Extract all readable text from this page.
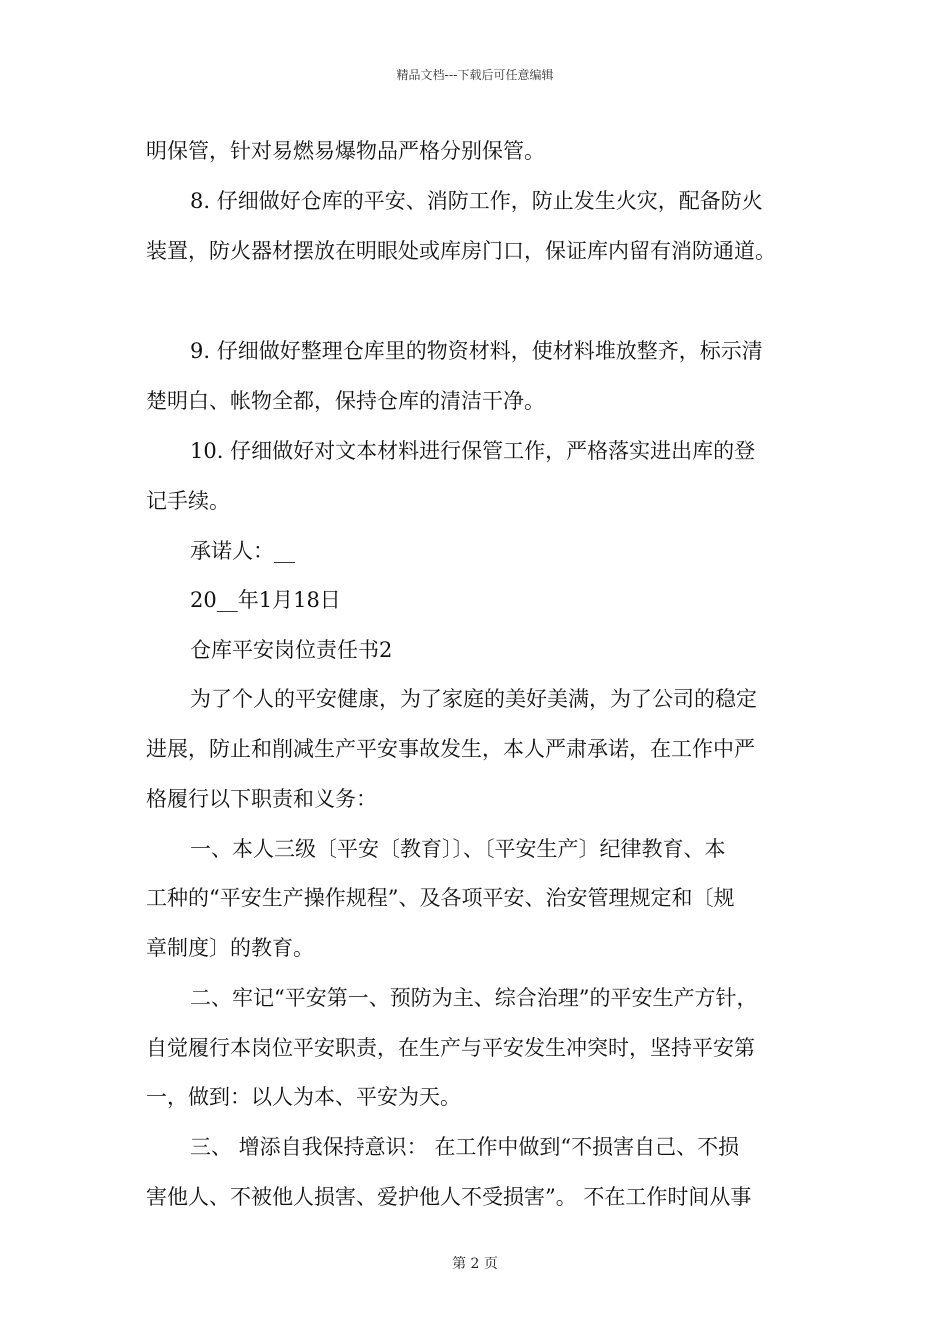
精品文档---下载后可任意编辑
明保管，针对易燃易爆物品严格分别保管。
8. 仔细做好仓库的平安、消防工作，防止发生火灾，配备防火
装置，防火器材摆放在明眼处或库房门口，保证库内留有消防通道。
9. 仔细做好整理仓库里的物资材料，使材料堆放整齐，标示清
楚明白、帐物全都，保持仓库的清洁干净。
10. 仔细做好对文本材料进行保管工作，严格落实进出库的登
记手续。
承诺人：__
20__年1月18日
仓库平安岗位责任书2
为了个人的平安健康，为了家庭的美好美满，为了公司的稳定
进展，防止和削减生产平安事故发生，本人严肃承诺，在工作中严
格履行以下职责和义务：
一、本人三级〔平安〔教育〕〕、〔平安生产〕纪律教育、本
工种的“平安生产操作规程”、及各项平安、治安管理规定和〔规
章制度〕的教育。
二、牢记“平安第一、预防为主、综合治理”的平安生产方针，
自觉履行本岗位平安职责，在生产与平安发生冲突时，坚持平安第
一，做到：以人为本、平安为天。
三、 增添自我保持意识： 在工作中做到“不损害自己、不损
害他人、不被他人损害、爱护他人不受损害”。 不在工作时间从事
第 2 页
